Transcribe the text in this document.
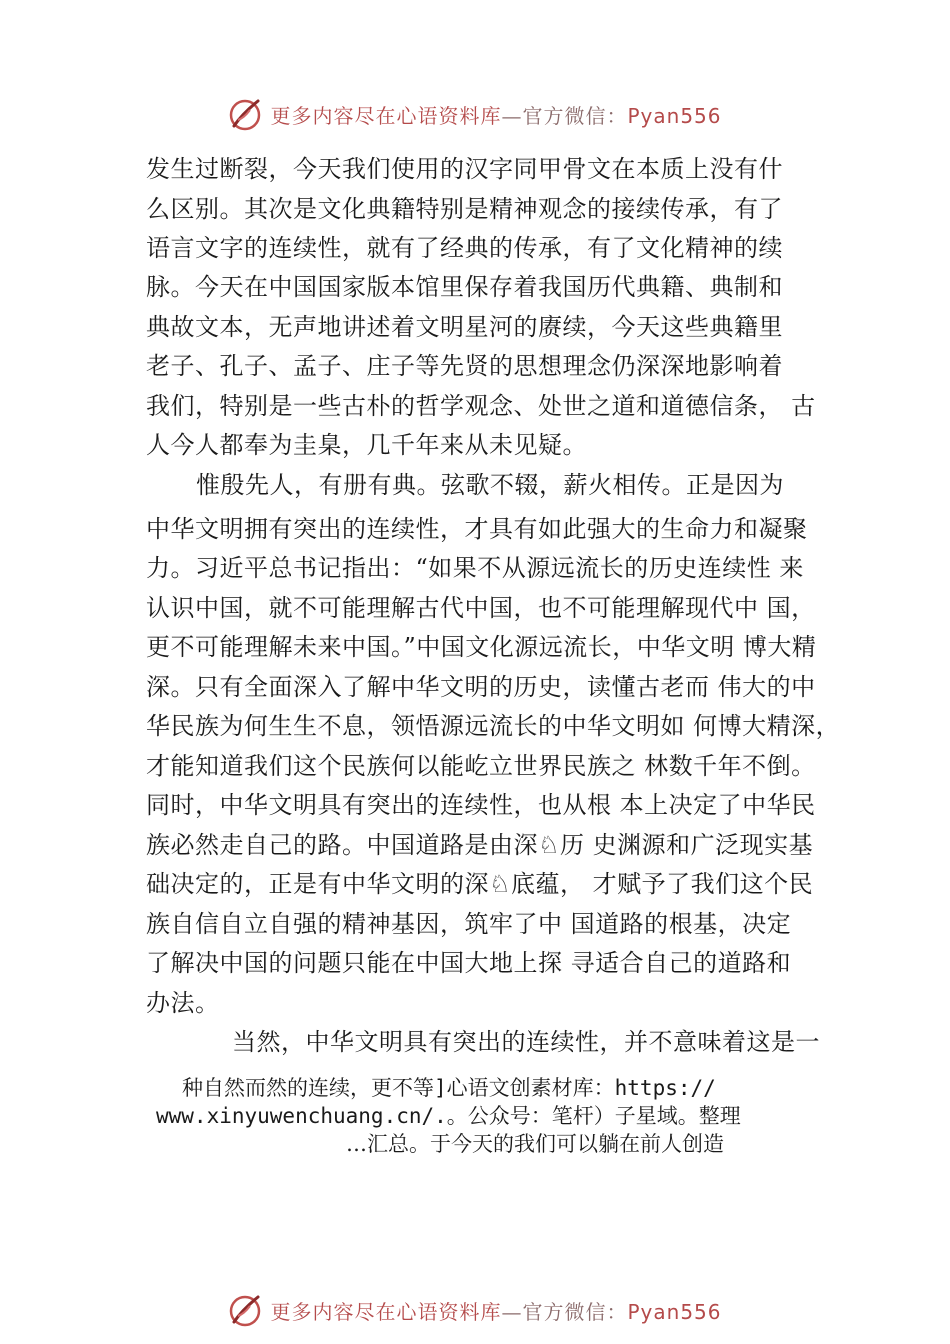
更多内容尽在心语资料库—官方微信：Pyan556
发生过断裂，今天我们使用的汉字同甲骨文在本质上没有什
么区别。其次是文化典籍特别是精神观念的接续传承，有了
语言文字的连续性，就有了经典的传承，有了文化精神的续
脉。今天在中国国家版本馆里保存着我国历代典籍、典制和
典故文本，无声地讲述着文明星河的赓续，今天这些典籍里
老子、孔子、孟子、庄子等先贤的思想理念仍深深地影响着
我们，特别是一些古朴的哲学观念、处世之道和道德信条， 古
人今人都奉为圭臬，几千年来从未见疑。
惟殷先人，有册有典。弦歌不辍，薪火相传。正是因为
中华文明拥有突出的连续性，才具有如此强大的生命力和凝聚
力。习近平总书记指出：“如果不从源远流长的历史连续性 来
认识中国，就不可能理解古代中国，也不可能理解现代中 国，
更不可能理解未来中国。”中国文化源远流长，中华文明 博大精
深。只有全面深入了解中华文明的历史，读懂古老而 伟大的中
华民族为何生生不息，领悟源远流长的中华文明如 何博大精深，
才能知道我们这个民族何以能屹立世界民族之 林数千年不倒。
同时，中华文明具有突出的连续性，也从根 本上决定了中华民
族必然走自己的路。中国道路是由深♘历 史渊源和广泛现实基
础决定的，正是有中华文明的深♘底蕴， 才赋予了我们这个民
族自信自立自强的精神基因，筑牢了中 国道路的根基，决定
了解决中国的问题只能在中国大地上探 寻适合自己的道路和
办法。
当然，中华文明具有突出的连续性，并不意味着这是一
种自然而然的连续，更不等]心语文创素材库：https://
www.xinyuwenchuang.cn/.。公众号：笔杆）子星域。整理
…汇总。于今天的我们可以躺在前人创造
更多内容尽在心语资料库—官方微信：Pyan556
